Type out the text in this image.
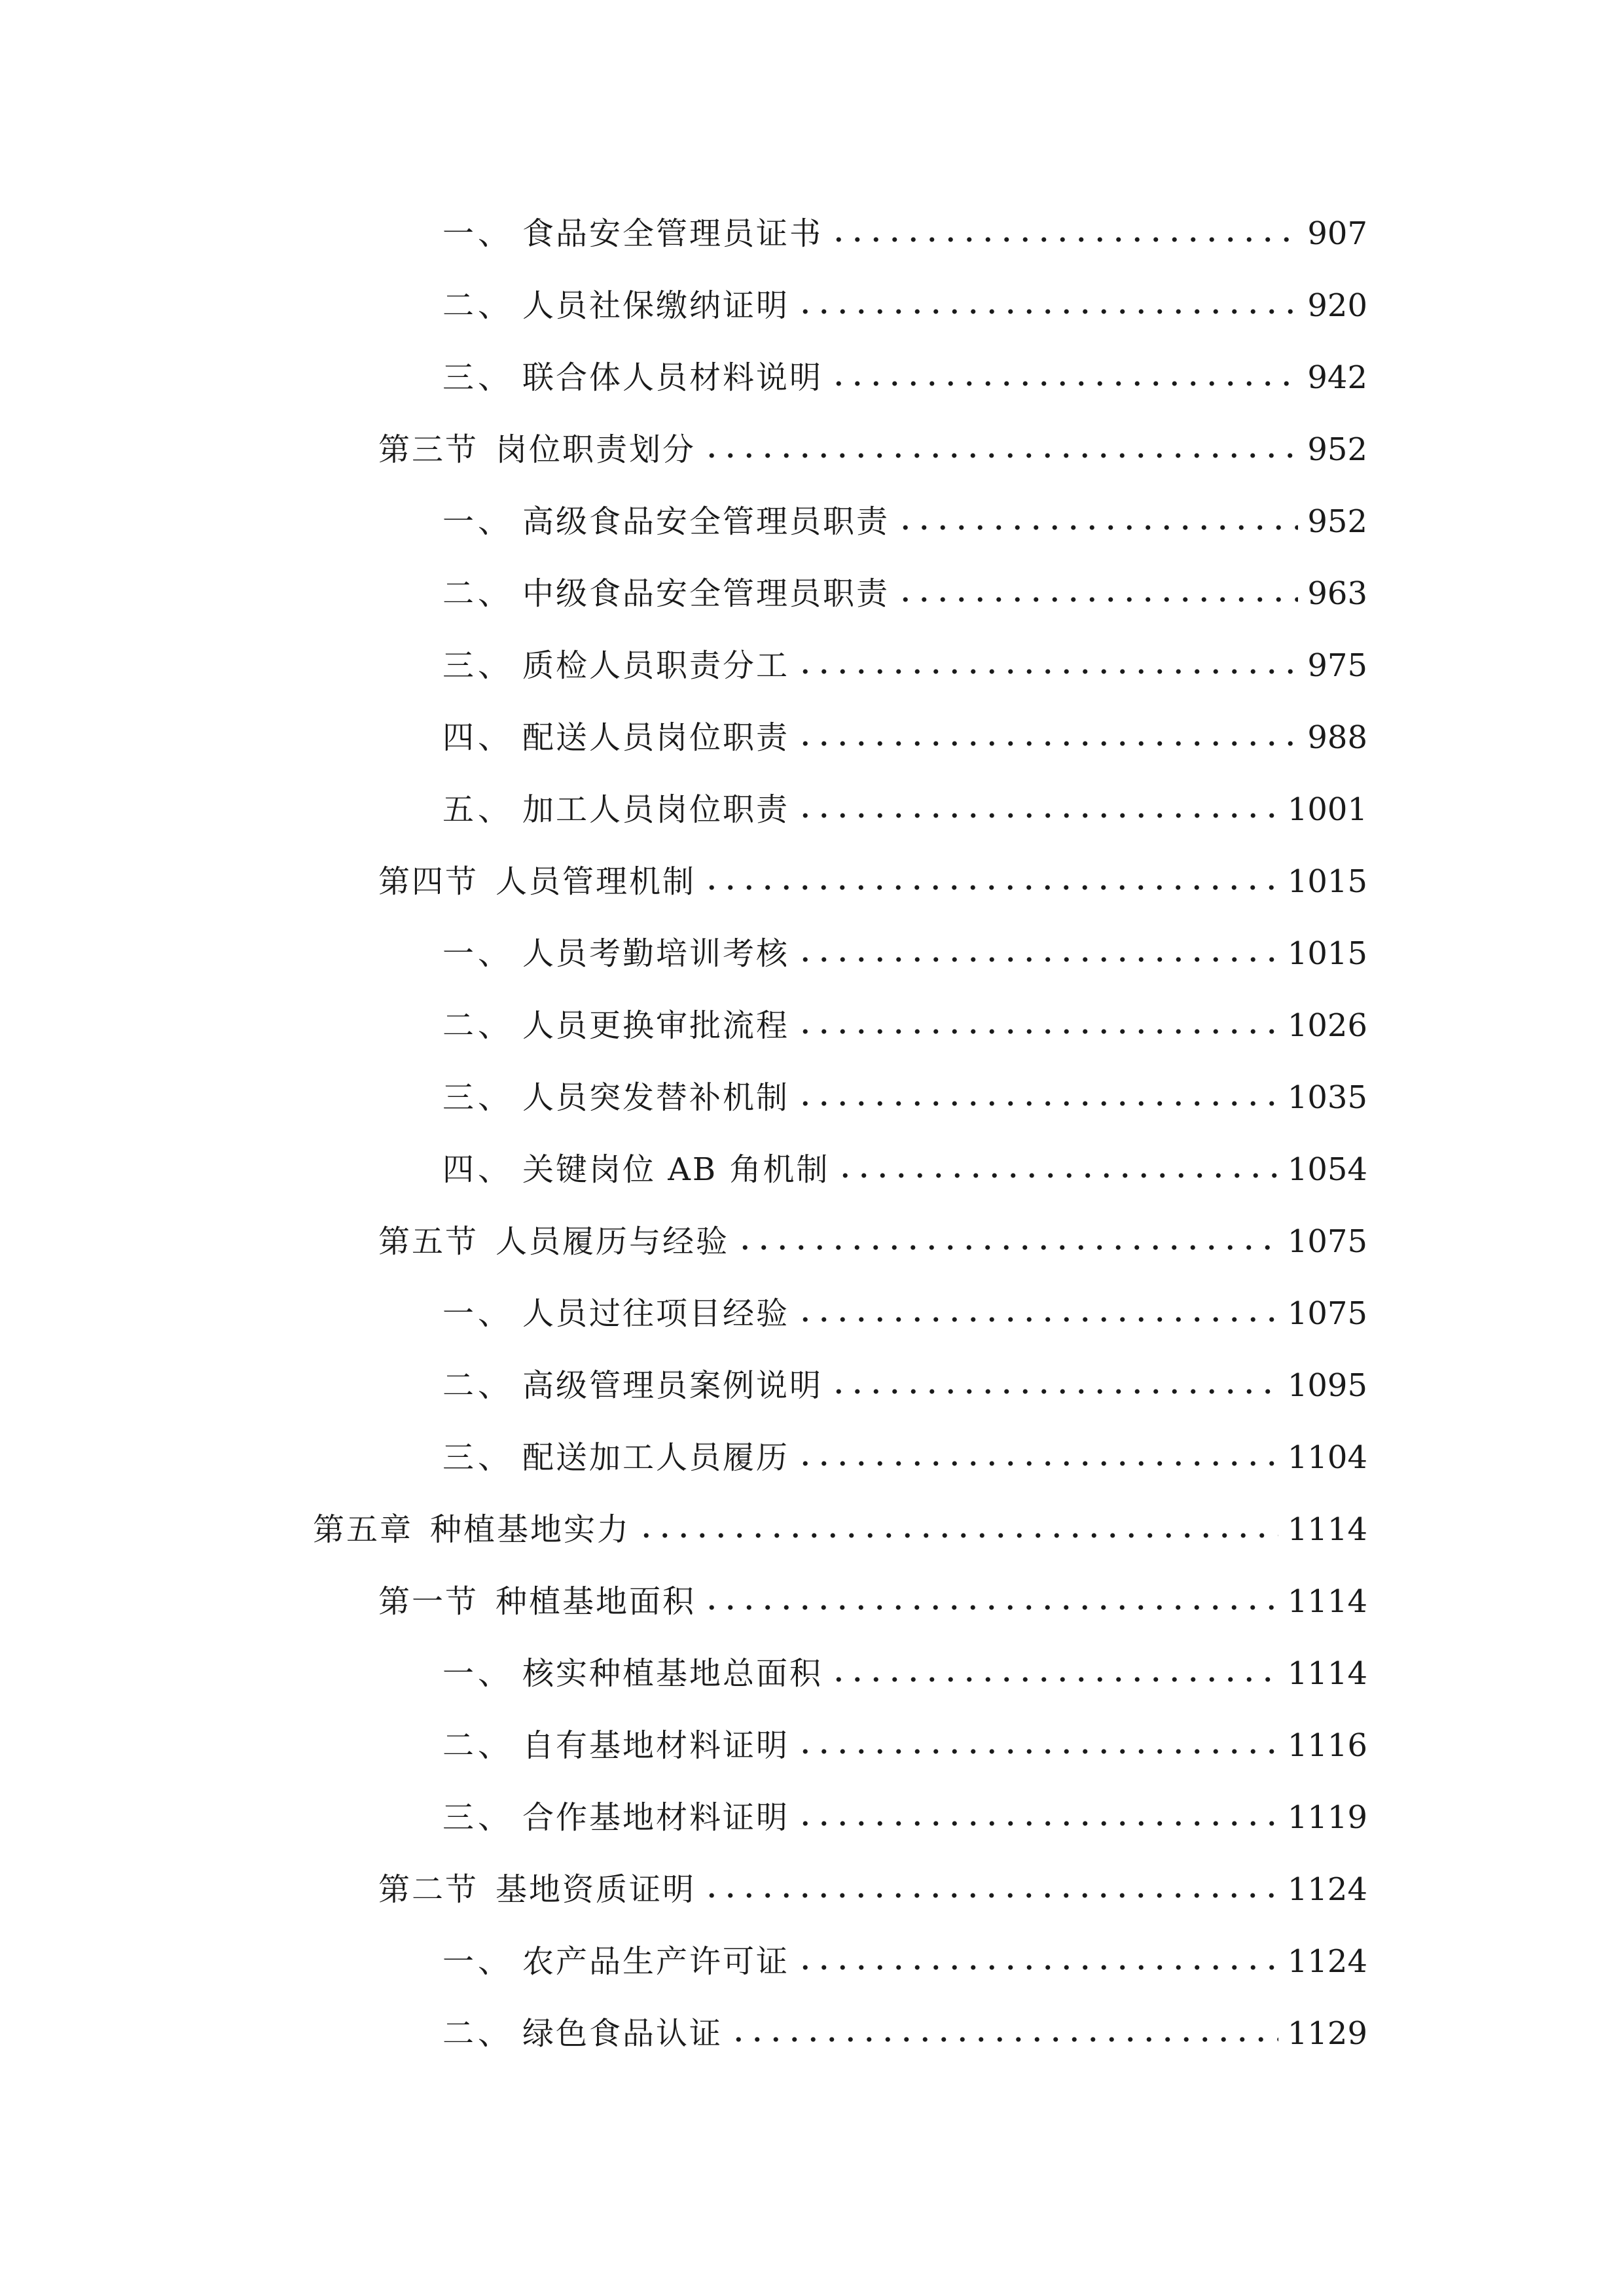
一、 食品安全管理员证书	907
二、 人员社保缴纳证明	920
三、 联合体人员材料说明	942
第三节 岗位职责划分	952
一、 高级食品安全管理员职责	952
二、 中级食品安全管理员职责	963
三、 质检人员职责分工	975
四、 配送人员岗位职责	988
五、 加工人员岗位职责	1001
第四节 人员管理机制	1015
一、 人员考勤培训考核	1015
二、 人员更换审批流程	1026
三、 人员突发替补机制	1035
四、 关键岗位 AB 角机制	1054
第五节 人员履历与经验	1075
一、 人员过往项目经验	1075
二、 高级管理员案例说明	1095
三、 配送加工人员履历	1104
第五章 种植基地实力	1114
第一节 种植基地面积	1114
一、 核实种植基地总面积	1114
二、 自有基地材料证明	1116
三、 合作基地材料证明	1119
第二节 基地资质证明	1124
一、 农产品生产许可证	1124
二、 绿色食品认证	1129
